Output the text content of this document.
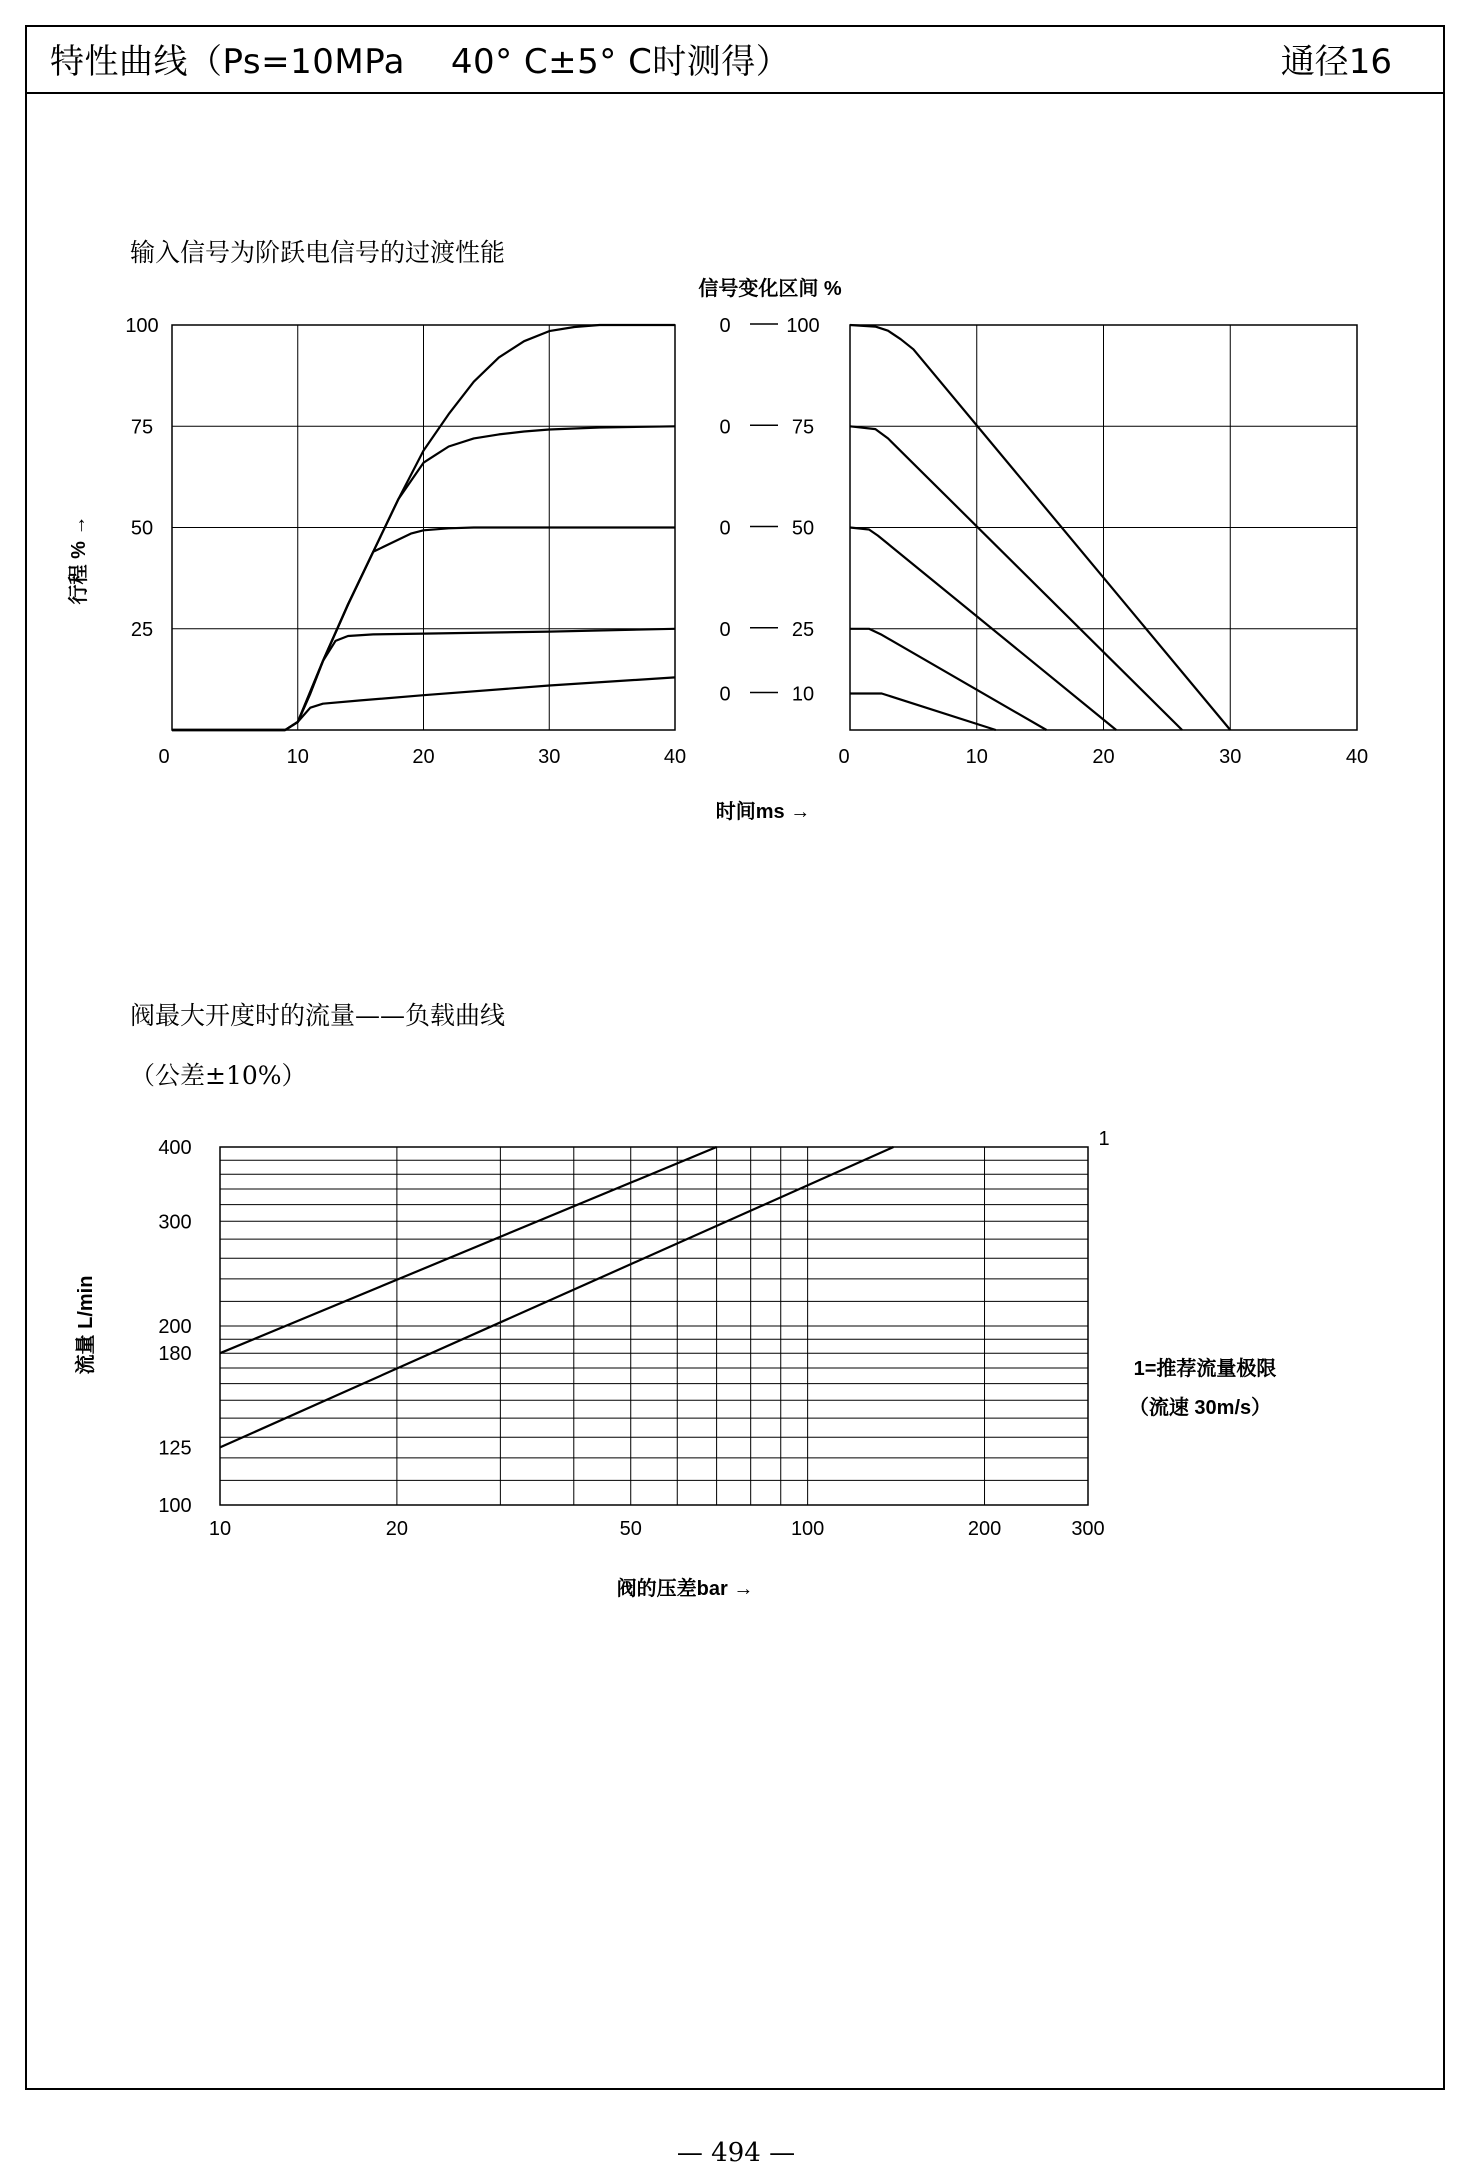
特性曲线（Ps=10MPa　 40° C±5° C时测得）	通径16
输入信号为阶跃电信号的过渡性能
阀最大开度时的流量——负载曲线
（公差±10%）
0	10	20	30	40
25
50
75
100
行程 % →
0	10	20	30	40
0	100
0	75
0	50
0	25
0	10
信号变化区间 %
时间ms →
10	20	50	100	200	300
100
125
180
200
300
400	1
1=推荐流量极限
（流速 30m/s）
流量 L/min
阀的压差bar →
— 494 —
